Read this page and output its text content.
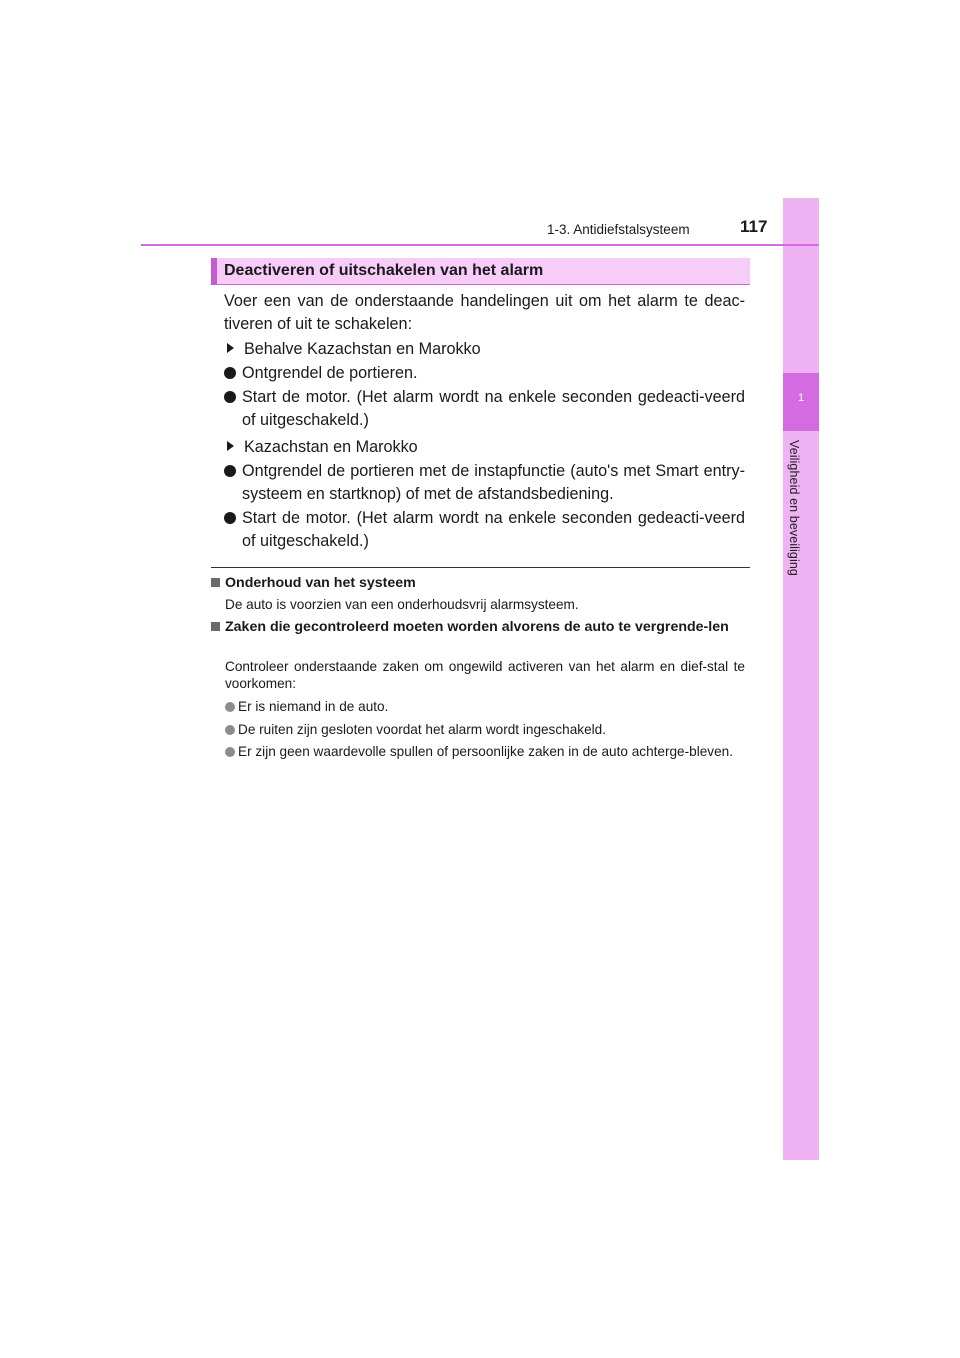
1
Veiligheid en beveiliging
1-3. Antidiefstalsysteem	117
Deactiveren of uitschakelen van het alarm
Voer een van de onderstaande handelingen uit om het alarm te deac-tiveren of uit te schakelen:
Behalve Kazachstan en Marokko
Ontgrendel de portieren.
Start de motor. (Het alarm wordt na enkele seconden gedeacti-veerd of uitgeschakeld.)
Kazachstan en Marokko
Ontgrendel de portieren met de instapfunctie (auto's met Smart entry-systeem en startknop) of met de afstandsbediening.
Start de motor. (Het alarm wordt na enkele seconden gedeacti-veerd of uitgeschakeld.)
Onderhoud van het systeem
De auto is voorzien van een onderhoudsvrij alarmsysteem.
Zaken die gecontroleerd moeten worden alvorens de auto te vergrende-len
Controleer onderstaande zaken om ongewild activeren van het alarm en dief-stal te voorkomen:
Er is niemand in de auto.
De ruiten zijn gesloten voordat het alarm wordt ingeschakeld.
Er zijn geen waardevolle spullen of persoonlijke zaken in de auto achterge-bleven.
